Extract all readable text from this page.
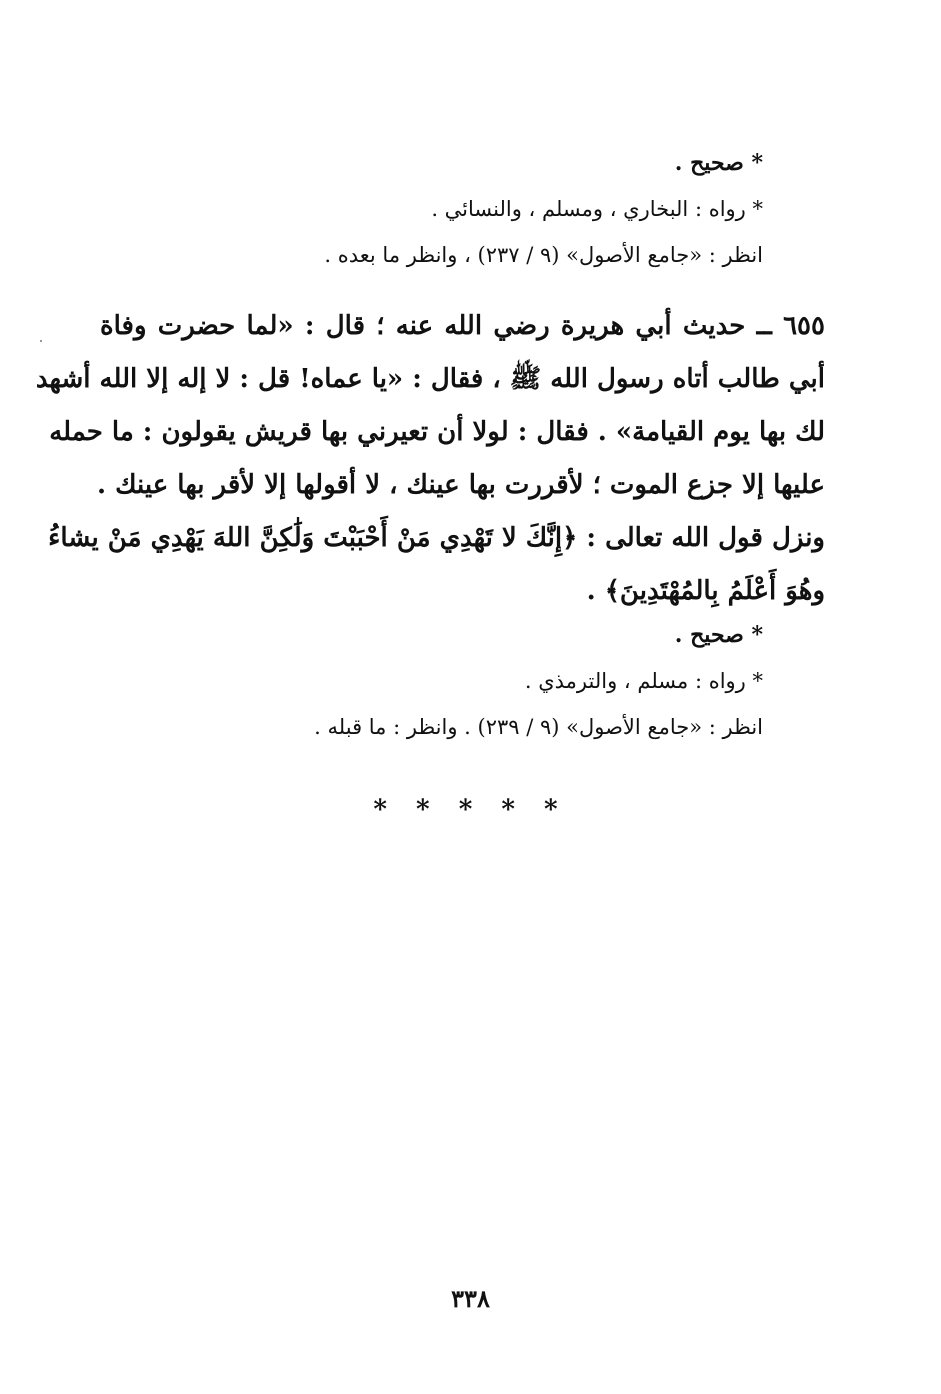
* صحيح .
* رواه : البخاري ، ومسلم ، والنسائي .
انظر : «جامع الأصول» (٩ / ٢٣٧) ، وانظر ما بعده .
٦٥٥ ــ حديث أبي هريرة رضي الله عنه ؛ قال : «لما حضرت وفاة
أبي طالب أتاه رسول الله ﷺ ، فقال : «يا عماه! قل : لا إله إلا الله أشهد
لك بها يوم القيامة» . فقال : لولا أن تعيرني بها قريش يقولون : ما حمله
عليها إلا جزع الموت ؛ لأقررت بها عينك ، لا أقولها إلا لأقر بها عينك .
ونزل قول الله تعالى : ﴿إِنَّكَ لا تَهْدِي مَنْ أَحْبَبْتَ وَلَٰكِنَّ اللهَ يَهْدِي مَنْ يشاءُ
وهُوَ أَعْلَمُ بِالمُهْتَدِينَ﴾ .
* صحيح .
* رواه : مسلم ، والترمذي .
انظر : «جامع الأصول» (٩ / ٢٣٩) . وانظر : ما قبله .
* * * * *
٣٣٨
